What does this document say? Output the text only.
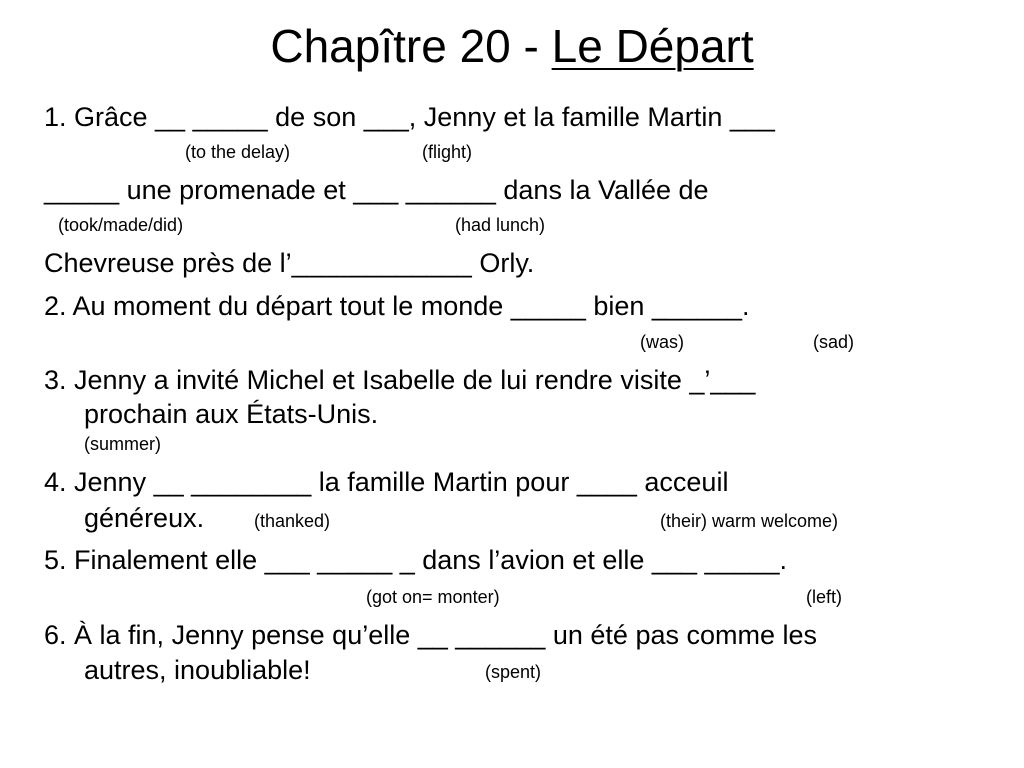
Chapître 20 - Le Départ
1. Grâce __ _____ de son ___, Jenny et la famille Martin ___
(to the delay)	(flight)
_____ une promenade et ___ ______ dans la Vallée de
(took/made/did)	(had lunch)
Chevreuse près de l’____________ Orly.
2. Au moment du départ tout le monde _____ bien ______.
(was)	(sad)
3. Jenny a invité Michel et Isabelle de lui rendre visite _’___
prochain aux États-Unis.
(summer)
4. Jenny __ ________ la famille Martin pour ____ acceuil
généreux.	(thanked)	(their) warm welcome)
5. Finalement elle ___ _____ _ dans l’avion et elle ___ _____.
(got on= monter)	(left)
6. À la fin, Jenny pense qu’elle __ ______ un été pas comme les
autres, inoubliable!	(spent)
